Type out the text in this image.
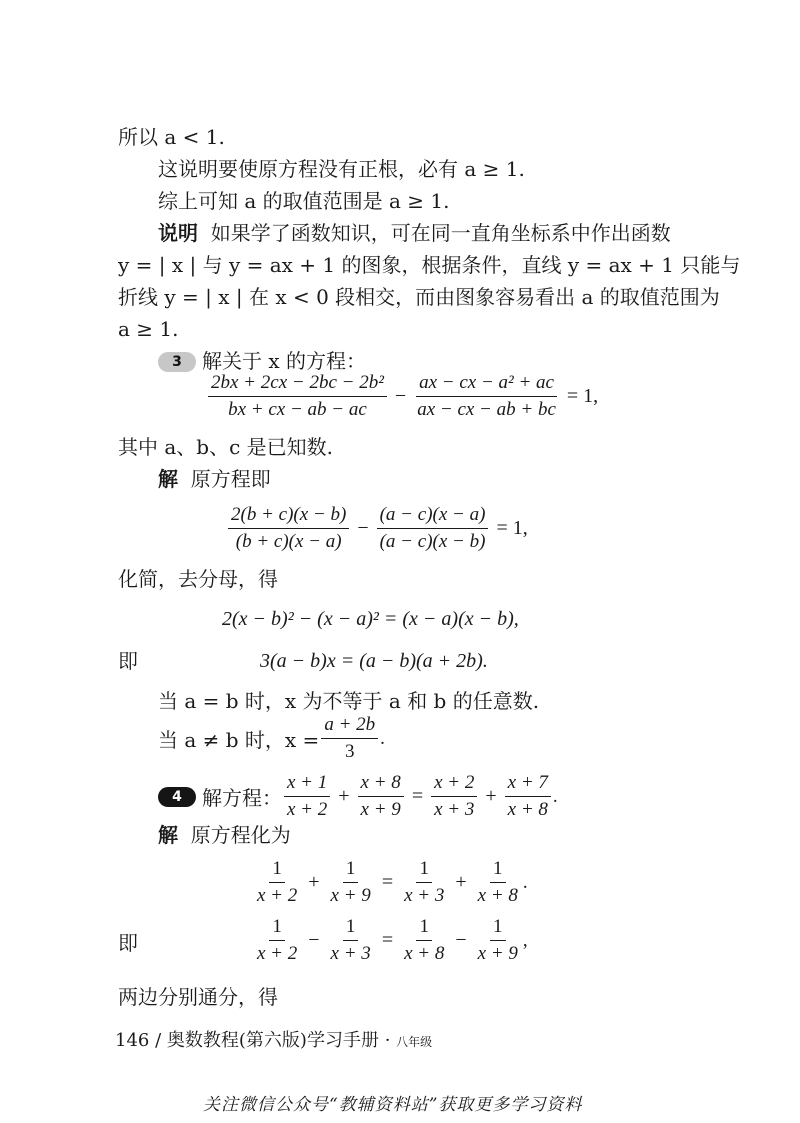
所以 a < 1.
这说明要使原方程没有正根，必有 a ≥ 1.
综上可知 a 的取值范围是 a ≥ 1.
说明 如果学了函数知识，可在同一直角坐标系中作出函数
y = | x | 与 y = ax + 1 的图象，根据条件，直线 y = ax + 1 只能与
折线 y = | x | 在 x < 0 段相交，而由图象容易看出 a 的取值范围为
a ≥ 1.
3 解关于 x 的方程：
$\frac{\text{2bx + 2cx − 2bc − 2b²}}{bx + cx - ab - ac} - \frac{\text{ax − cx − a² + ac}}{ax - cx - ab + bc} = 1$,
其中 a、b、c 是已知数.
解 原方程即
$\frac{2(b + c)(x - b)}{(b + c)(x - a)} - \frac{(a - c)(x - a)}{(a - c)(x - b)} = 1$,
化简，去分母，得
2(x − b)² − (x − a)² = (x − a)(x − b),
即	3(a − b)x = (a − b)(a + 2b).
当 a = b 时，x 为不等于 a 和 b 的任意数.
当 a ≠ b 时，$x = \frac{a + 2b}{3}$ .
4	解方程： $\frac{x + 1}{x + 2} + \frac{x + 8}{x + 9} = \frac{x + 2}{x + 3} + \frac{x + 7}{x + 8}$ .
解 原方程化为
$\frac{1}{x + 2} + \frac{1}{x + 9} = \frac{1}{x + 3} + \frac{1}{x + 8}$ .
即	$\frac{1}{x + 2} - \frac{1}{x + 3} = \frac{1}{x + 8} - \frac{1}{x + 9}$ ,
两边分别通分，得
146 / 奥数教程(第六版)学习手册 · 八年级
关注微信公众号“教辅资料站”获取更多学习资料
